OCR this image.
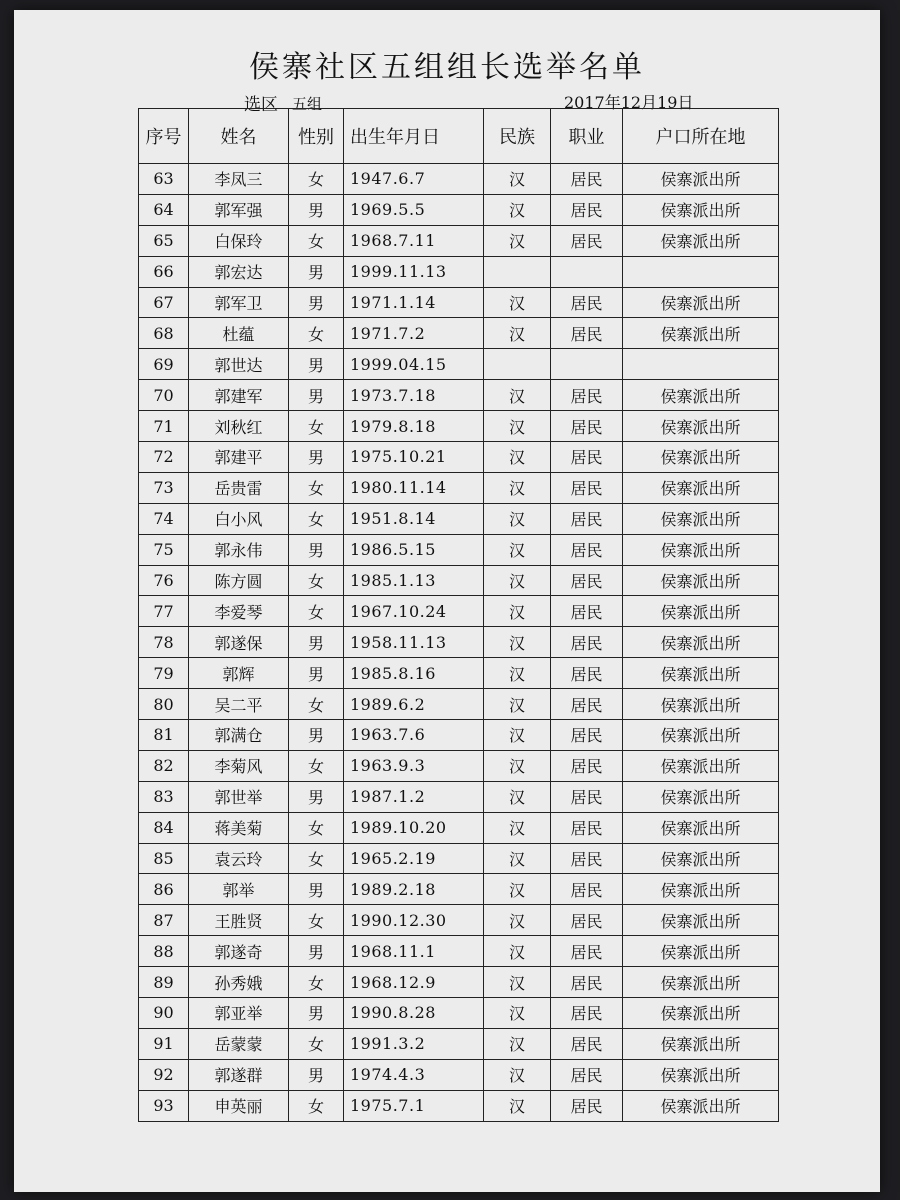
侯寨社区五组组长选举名单
选区 五组	2017年12月19日
序号	姓名	性别	出生年月日	民族	职业	户口所在地
63	李凤三	女	1947.6.7	汉	居民	侯寨派出所
64	郭军强	男	1969.5.5	汉	居民	侯寨派出所
65	白保玲	女	1968.7.11	汉	居民	侯寨派出所
66	郭宏达	男	1999.11.13			
67	郭军卫	男	1971.1.14	汉	居民	侯寨派出所
68	杜蕴	女	1971.7.2	汉	居民	侯寨派出所
69	郭世达	男	1999.04.15			
70	郭建军	男	1973.7.18	汉	居民	侯寨派出所
71	刘秋红	女	1979.8.18	汉	居民	侯寨派出所
72	郭建平	男	1975.10.21	汉	居民	侯寨派出所
73	岳贵雷	女	1980.11.14	汉	居民	侯寨派出所
74	白小风	女	1951.8.14	汉	居民	侯寨派出所
75	郭永伟	男	1986.5.15	汉	居民	侯寨派出所
76	陈方圆	女	1985.1.13	汉	居民	侯寨派出所
77	李爱琴	女	1967.10.24	汉	居民	侯寨派出所
78	郭遂保	男	1958.11.13	汉	居民	侯寨派出所
79	郭辉	男	1985.8.16	汉	居民	侯寨派出所
80	吴二平	女	1989.6.2	汉	居民	侯寨派出所
81	郭满仓	男	1963.7.6	汉	居民	侯寨派出所
82	李菊风	女	1963.9.3	汉	居民	侯寨派出所
83	郭世举	男	1987.1.2	汉	居民	侯寨派出所
84	蒋美菊	女	1989.10.20	汉	居民	侯寨派出所
85	袁云玲	女	1965.2.19	汉	居民	侯寨派出所
86	郭举	男	1989.2.18	汉	居民	侯寨派出所
87	王胜贤	女	1990.12.30	汉	居民	侯寨派出所
88	郭遂奇	男	1968.11.1	汉	居民	侯寨派出所
89	孙秀娥	女	1968.12.9	汉	居民	侯寨派出所
90	郭亚举	男	1990.8.28	汉	居民	侯寨派出所
91	岳蒙蒙	女	1991.3.2	汉	居民	侯寨派出所
92	郭遂群	男	1974.4.3	汉	居民	侯寨派出所
93	申英丽	女	1975.7.1	汉	居民	侯寨派出所
